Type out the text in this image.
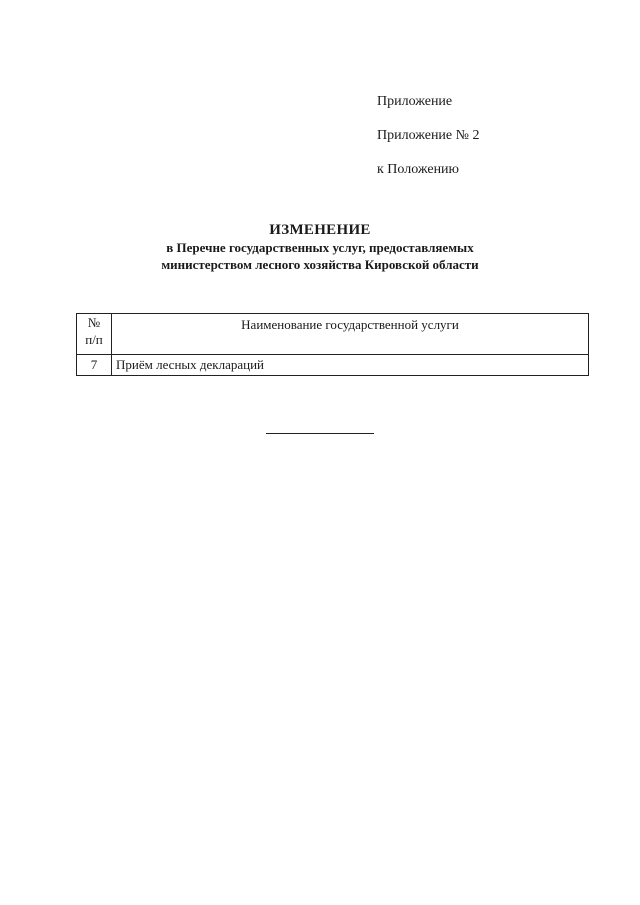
Приложение
Приложение № 2
к Положению
ИЗМЕНЕНИЕ
в Перечне государственных услуг, предоставляемых
министерством лесного хозяйства Кировской области
№
п/п	Наименование государственной услуги
7	Приём лесных деклараций
